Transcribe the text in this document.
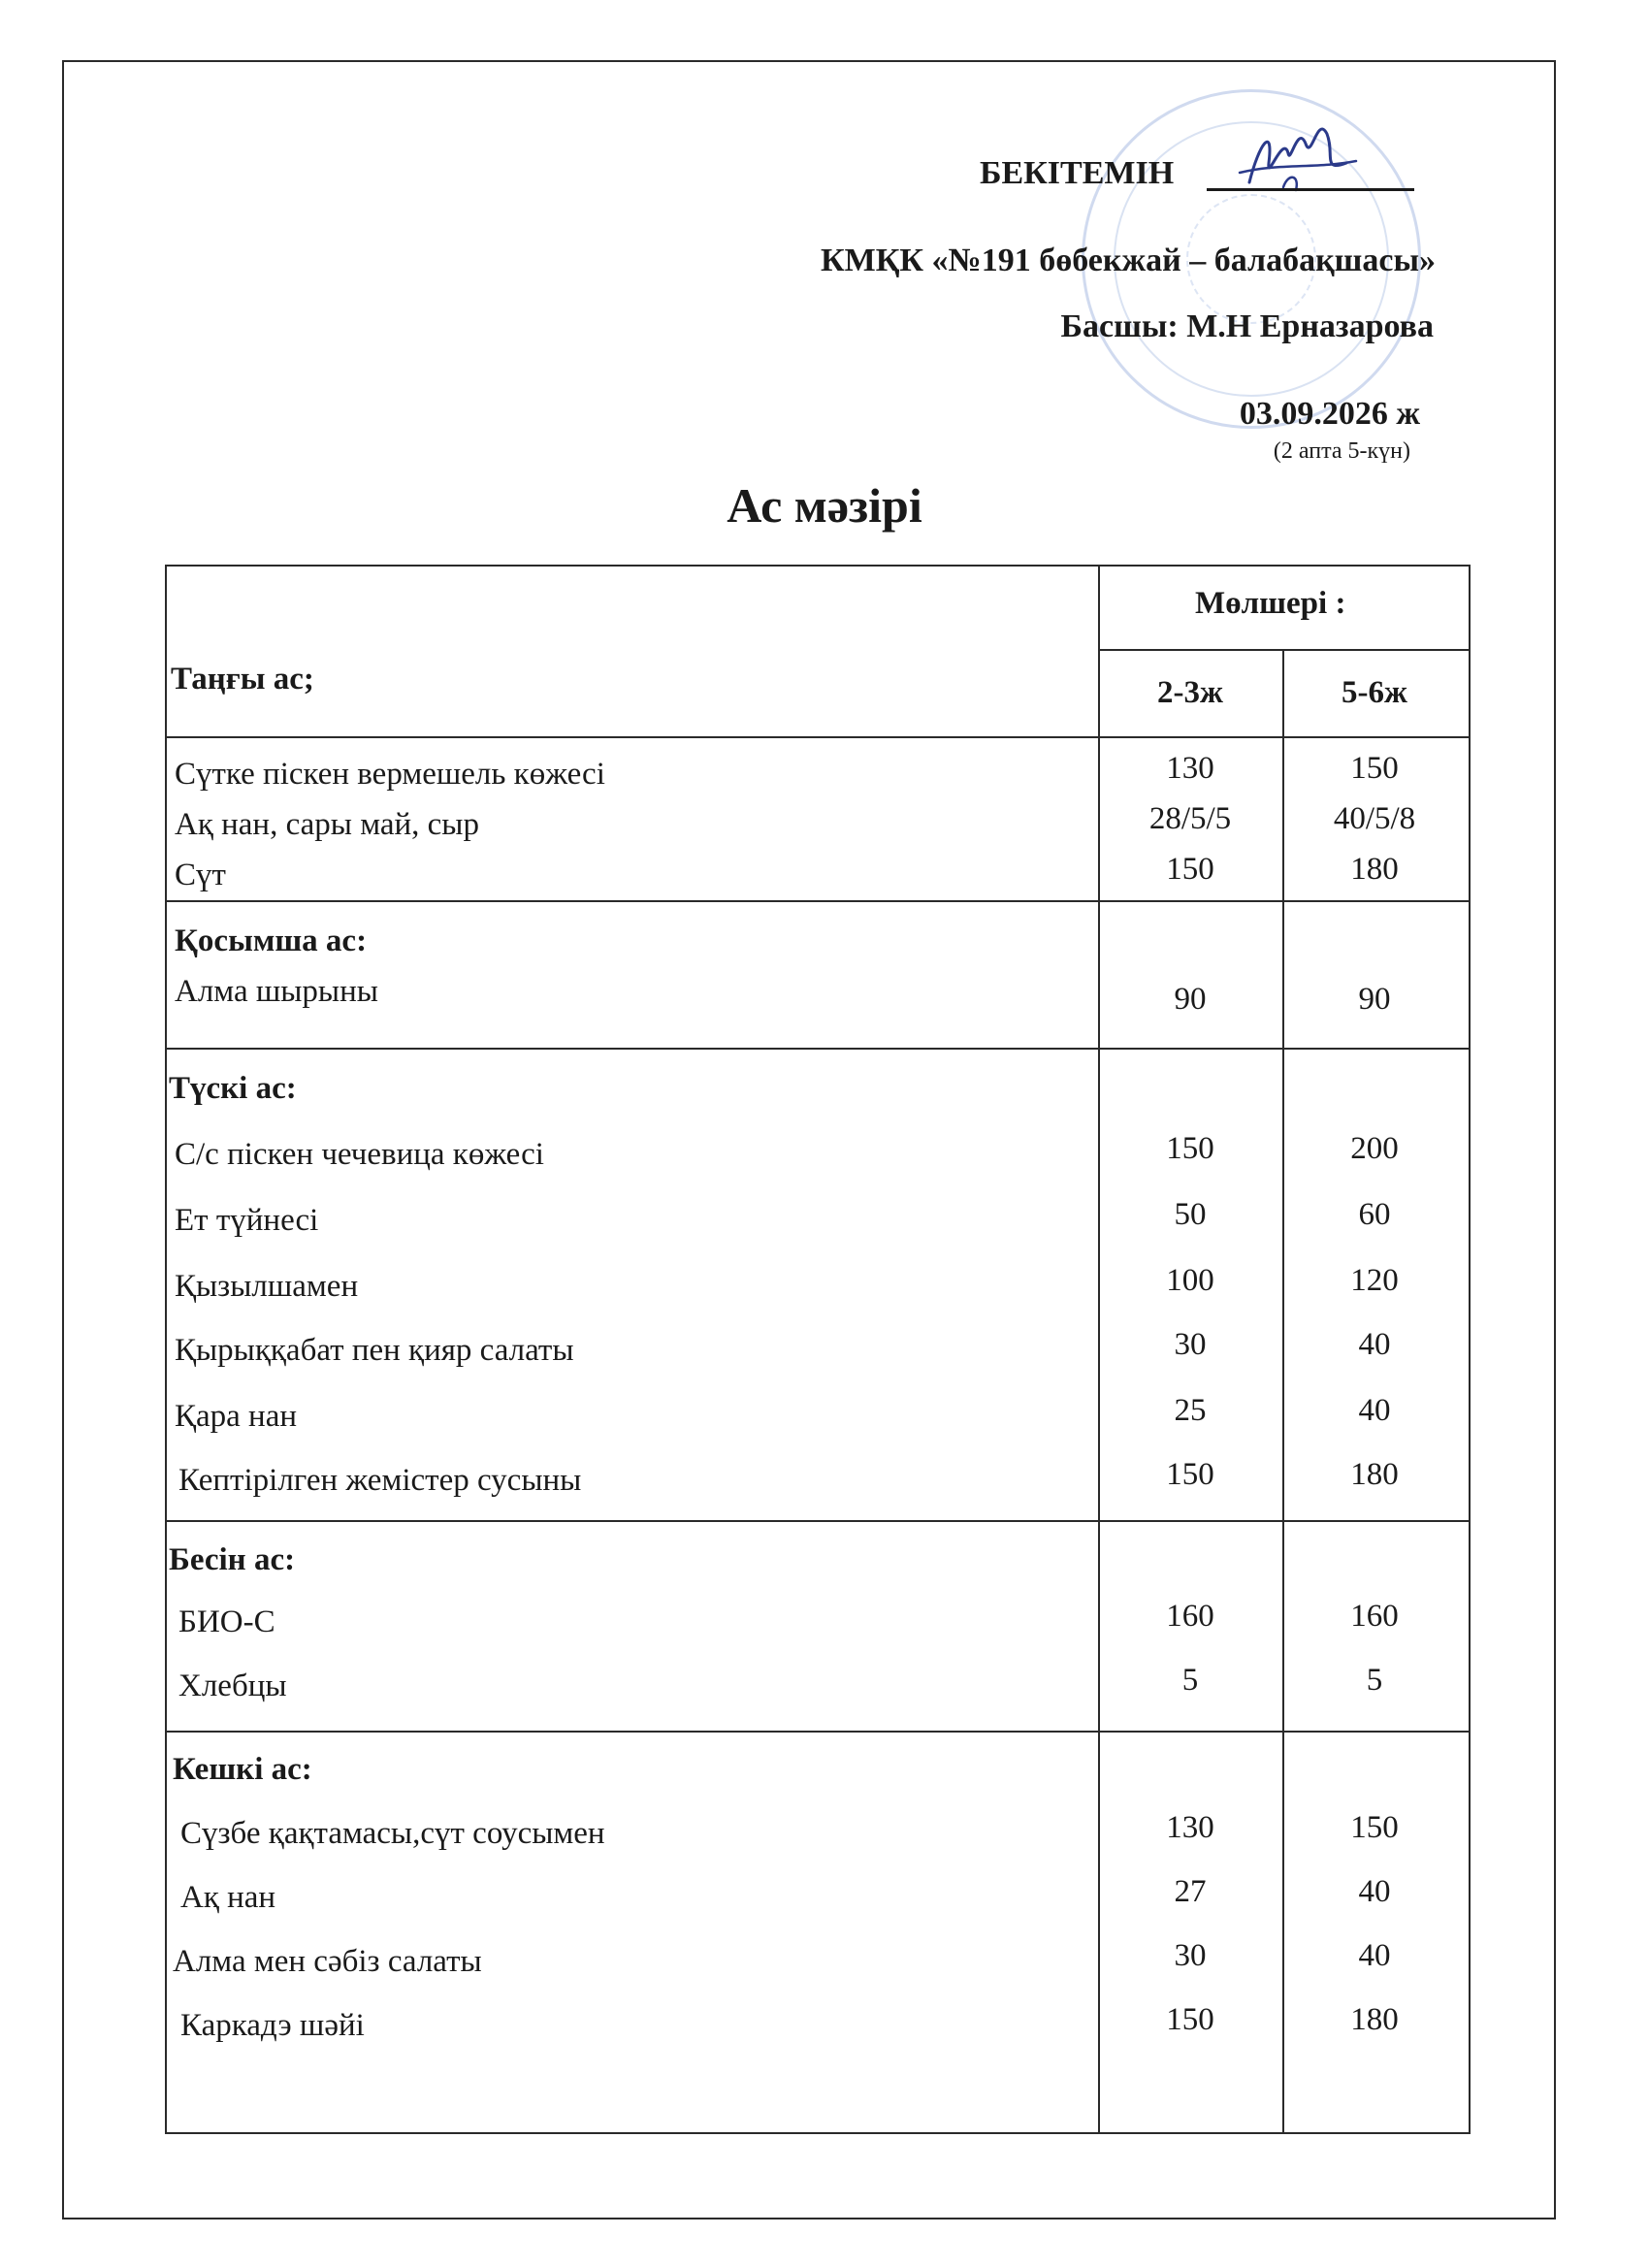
БЕКІТЕМІН
КМҚК «№191 бөбекжай – балабақшасы»
Басшы: М.Н Ерназарова
03.09.2026 ж
(2 апта 5-күн)
Ас мәзірі
Мөлшері :
Таңғы ас;	2-3ж	5-6ж
Сүтке піскен вермешель көжесі	130	150
Ақ нан, сары май, сыр	28/5/5	40/5/8
Сүт	150	180
Қосымша ас:
Алма шырыны	90	90
Түскі ас:
С/с піскен чечевица көжесі	150	200
Ет түйнесі	50	60
Қызылшамен	100	120
Қырыққабат пен қияр салаты	30	40
Қара нан	25	40
Кептірілген жемістер сусыны	150	180
Бесін ас:
БИО-С	160	160
Хлебцы	5	5
Кешкі ас:
Сүзбе қақтамасы,сүт соусымен	130	150
Ақ нан	27	40
Алма мен сәбіз салаты	30	40
Каркадэ шәйі	150	180
